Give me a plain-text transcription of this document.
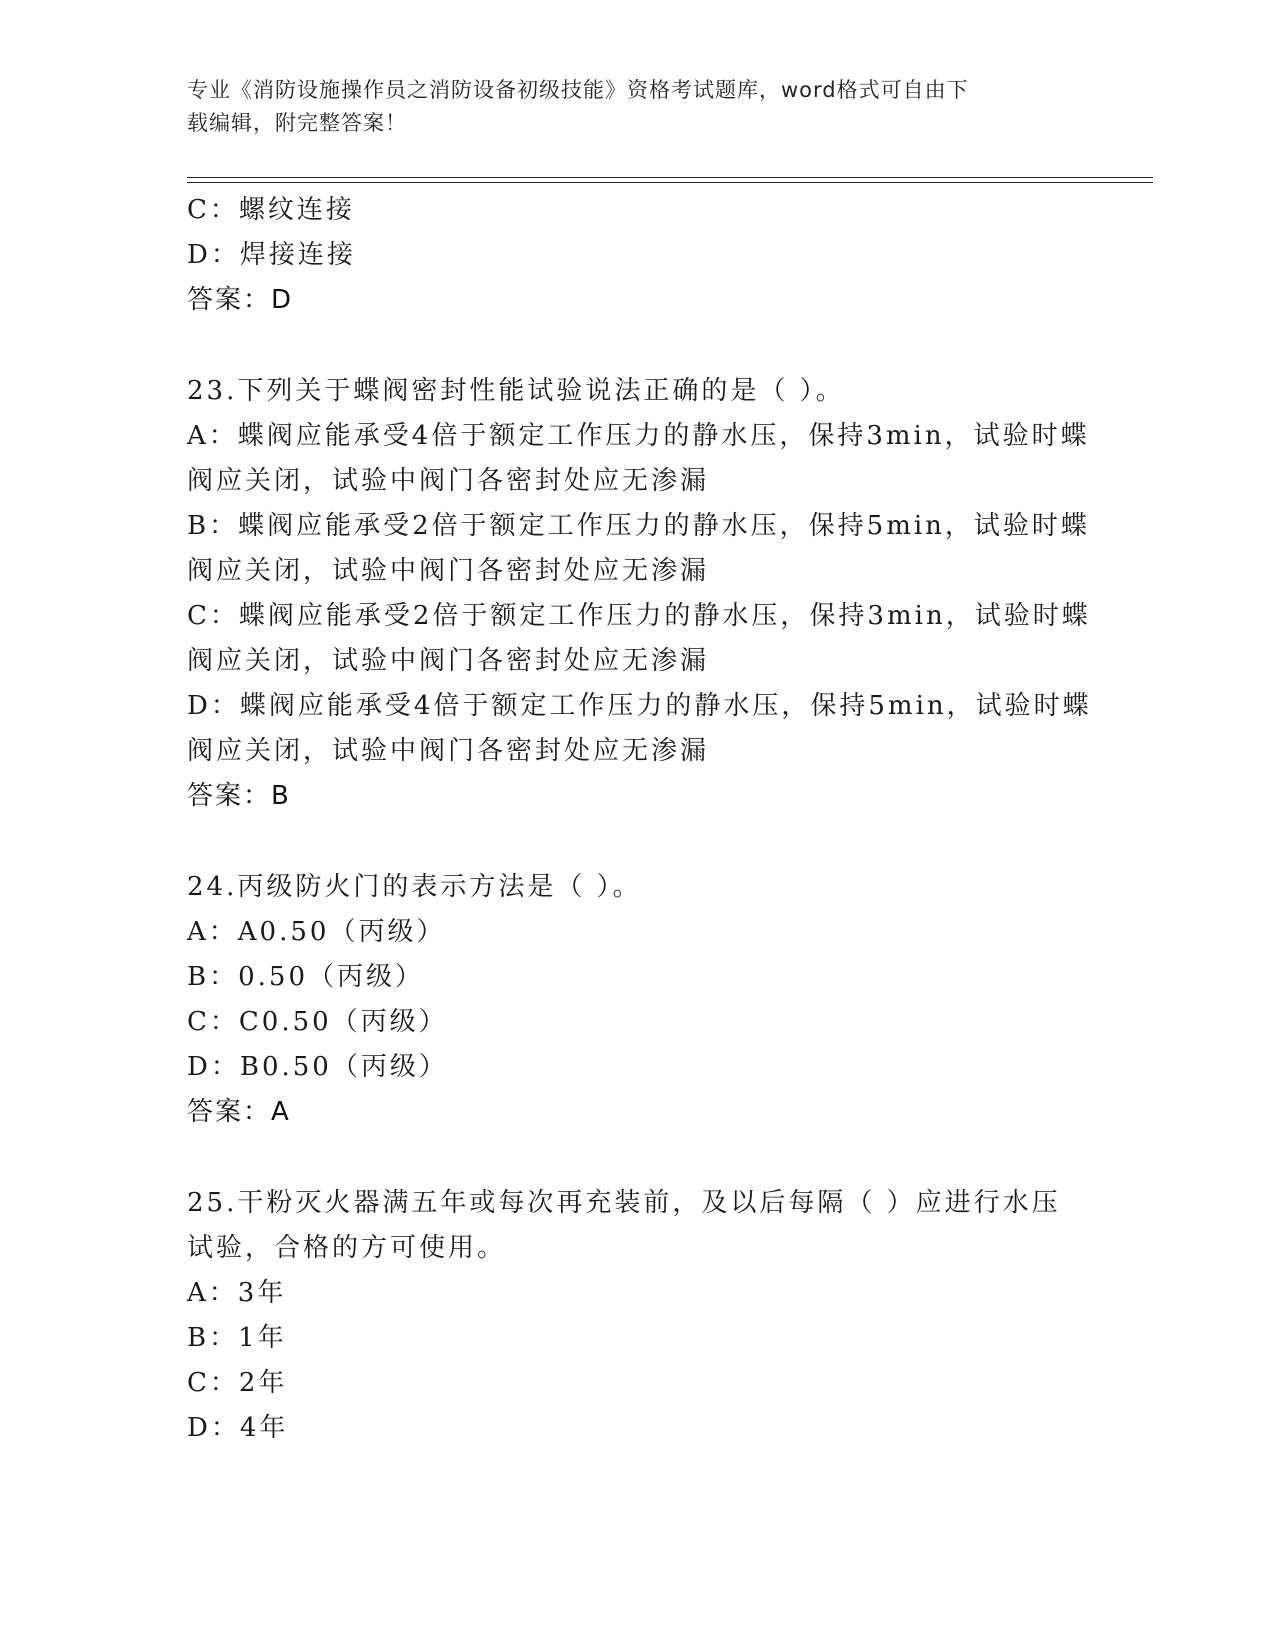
专业《消防设施操作员之消防设备初级技能》资格考试题库，word格式可自由下
载编辑，附完整答案！
C：螺纹连接
D：焊接连接
答案：D
23.下列关于蝶阀密封性能试验说法正确的是（ ）。
A：蝶阀应能承受4倍于额定工作压力的静水压，保持3min，试验时蝶
阀应关闭，试验中阀门各密封处应无渗漏
B：蝶阀应能承受2倍于额定工作压力的静水压，保持5min，试验时蝶
阀应关闭，试验中阀门各密封处应无渗漏
C：蝶阀应能承受2倍于额定工作压力的静水压，保持3min，试验时蝶
阀应关闭，试验中阀门各密封处应无渗漏
D：蝶阀应能承受4倍于额定工作压力的静水压，保持5min，试验时蝶
阀应关闭，试验中阀门各密封处应无渗漏
答案：B
24.丙级防火门的表示方法是（ ）。
A：A0.50（丙级）
B：0.50（丙级）
C：C0.50（丙级）
D：B0.50（丙级）
答案：A
25.干粉灭火器满五年或每次再充装前，及以后每隔（ ）应进行水压
试验，合格的方可使用。
A：3年
B：1年
C：2年
D：4年
